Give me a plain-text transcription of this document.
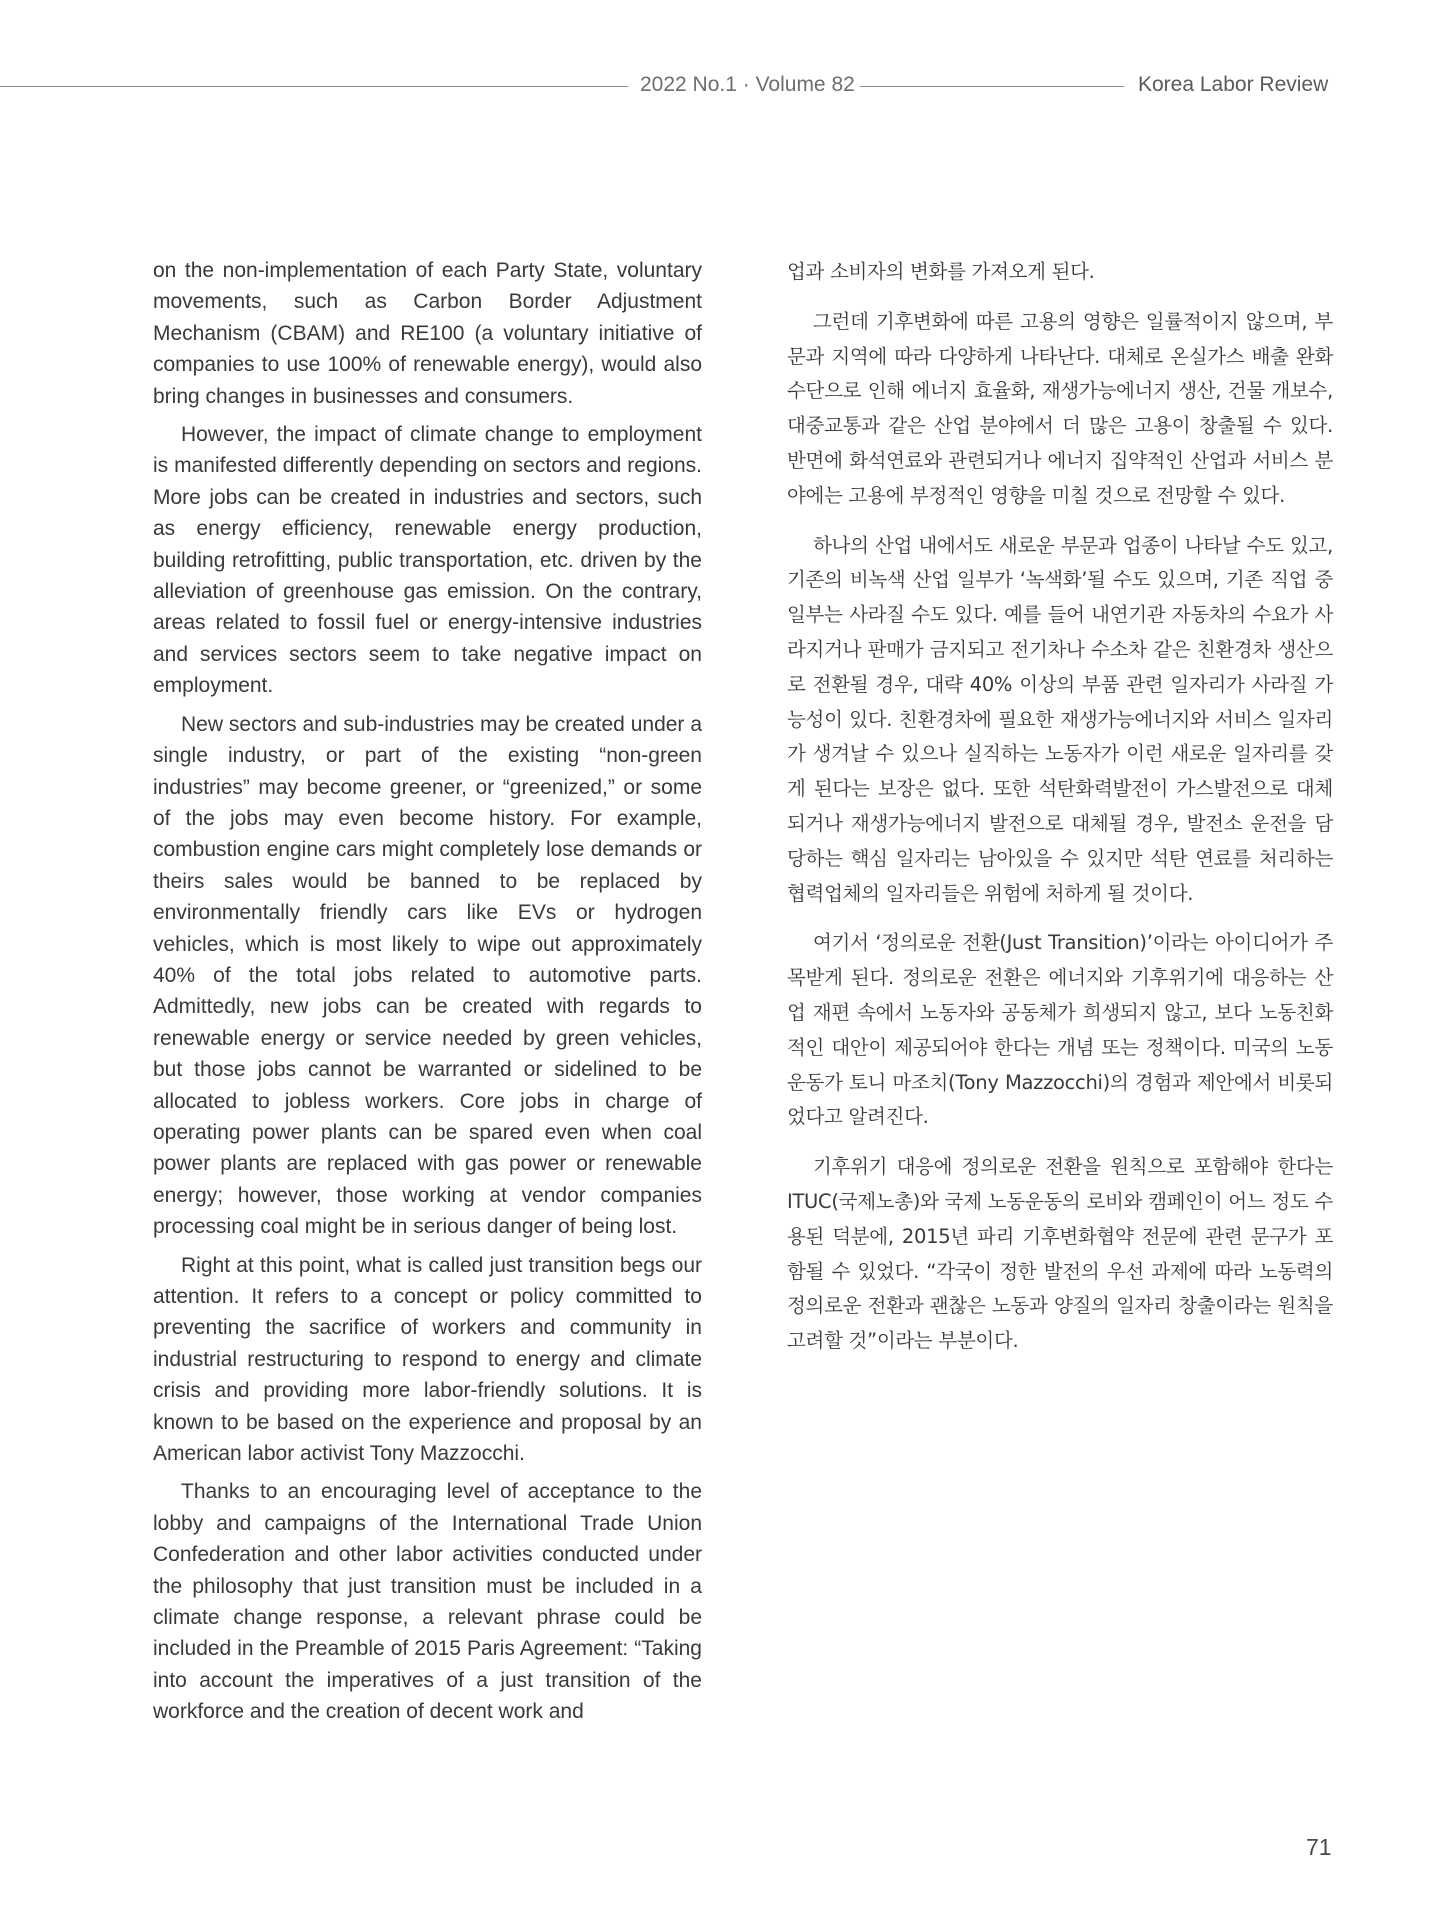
2022 No.1 · Volume 82	Korea Labor Review

on the non-implementation of each Party State, voluntary movements, such as Carbon Border Adjustment Mechanism (CBAM) and RE100 (a voluntary initiative of companies to use 100% of renewable energy), would also bring changes in businesses and consumers.

However, the impact of climate change to employment is manifested differently depending on sectors and regions. More jobs can be created in industries and sectors, such as energy efficiency, renewable energy production, building retrofitting, public transportation, etc. driven by the alleviation of greenhouse gas emission. On the contrary, areas related to fossil fuel or energy-intensive industries and services sectors seem to take negative impact on employment.

New sectors and sub-industries may be created under a single industry, or part of the existing “non-green industries” may become greener, or “greenized,” or some of the jobs may even become history. For example, combustion engine cars might completely lose demands or theirs sales would be banned to be replaced by environmentally friendly cars like EVs or hydrogen vehicles, which is most likely to wipe out approximately 40% of the total jobs related to automotive parts. Admittedly, new jobs can be created with regards to renewable energy or service needed by green vehicles, but those jobs cannot be warranted or sidelined to be allocated to jobless workers. Core jobs in charge of operating power plants can be spared even when coal power plants are replaced with gas power or renewable energy; however, those working at vendor companies processing coal might be in serious danger of being lost.

Right at this point, what is called just transition begs our attention. It refers to a concept or policy committed to preventing the sacrifice of workers and community in industrial restructuring to respond to energy and climate crisis and providing more labor-friendly solutions. It is known to be based on the experience and proposal by an American labor activist Tony Mazzocchi.

Thanks to an encouraging level of acceptance to the lobby and campaigns of the International Trade Union Confederation and other labor activities conducted under the philosophy that just transition must be included in a climate change response, a relevant phrase could be included in the Preamble of 2015 Paris Agreement: “Taking into account the imperatives of a just transition of the workforce and the creation of decent work and

업과 소비자의 변화를 가져오게 된다.

그런데 기후변화에 따른 고용의 영향은 일률적이지 않으며, 부문과 지역에 따라 다양하게 나타난다. 대체로 온실가스 배출 완화 수단으로 인해 에너지 효율화, 재생가능에너지 생산, 건물 개보수, 대중교통과 같은 산업 분야에서 더 많은 고용이 창출될 수 있다. 반면에 화석연료와 관련되거나 에너지 집약적인 산업과 서비스 분야에는 고용에 부정적인 영향을 미칠 것으로 전망할 수 있다.

하나의 산업 내에서도 새로운 부문과 업종이 나타날 수도 있고, 기존의 비녹색 산업 일부가 ‘녹색화’될 수도 있으며, 기존 직업 중 일부는 사라질 수도 있다. 예를 들어 내연기관 자동차의 수요가 사라지거나 판매가 금지되고 전기차나 수소차 같은 친환경차 생산으로 전환될 경우, 대략 40% 이상의 부품 관련 일자리가 사라질 가능성이 있다. 친환경차에 필요한 재생가능에너지와 서비스 일자리가 생겨날 수 있으나 실직하는 노동자가 이런 새로운 일자리를 갖게 된다는 보장은 없다. 또한 석탄화력발전이 가스발전으로 대체되거나 재생가능에너지 발전으로 대체될 경우, 발전소 운전을 담당하는 핵심 일자리는 남아있을 수 있지만 석탄 연료를 처리하는 협력업체의 일자리들은 위험에 처하게 될 것이다.

여기서 ‘정의로운 전환(Just Transition)’이라는 아이디어가 주목받게 된다. 정의로운 전환은 에너지와 기후위기에 대응하는 산업 재편 속에서 노동자와 공동체가 희생되지 않고, 보다 노동친화적인 대안이 제공되어야 한다는 개념 또는 정책이다. 미국의 노동운동가 토니 마조치(Tony Mazzocchi)의 경험과 제안에서 비롯되었다고 알려진다.

기후위기 대응에 정의로운 전환을 원칙으로 포함해야 한다는 ITUC(국제노총)와 국제 노동운동의 로비와 캠페인이 어느 정도 수용된 덕분에, 2015년 파리 기후변화협약 전문에 관련 문구가 포함될 수 있었다. “각국이 정한 발전의 우선 과제에 따라 노동력의 정의로운 전환과 괜찮은 노동과 양질의 일자리 창출이라는 원칙을 고려할 것”이라는 부분이다.

71
